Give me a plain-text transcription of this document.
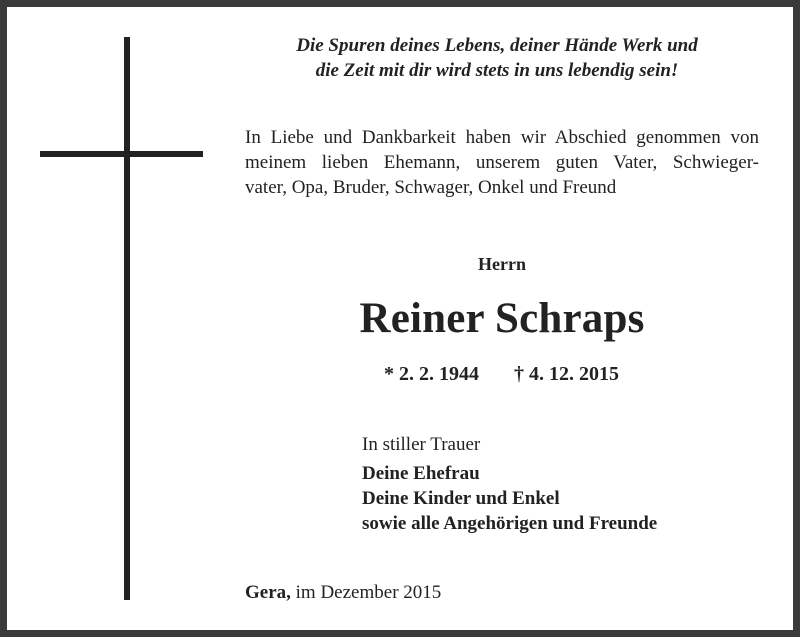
Die Spuren deines Lebens, deiner Hände Werk und
die Zeit mit dir wird stets in uns lebendig sein!
In Liebe und Dankbarkeit haben wir Abschied genommen von
meinem lieben Ehemann, unserem guten Vater, Schwieger-
vater, Opa, Bruder, Schwager, Onkel und Freund
Herrn
Reiner Schraps
* 2. 2. 1944 † 4. 12. 2015
In stiller Trauer
Deine Ehefrau
Deine Kinder und Enkel
sowie alle Angehörigen und Freunde
Gera, im Dezember 2015
